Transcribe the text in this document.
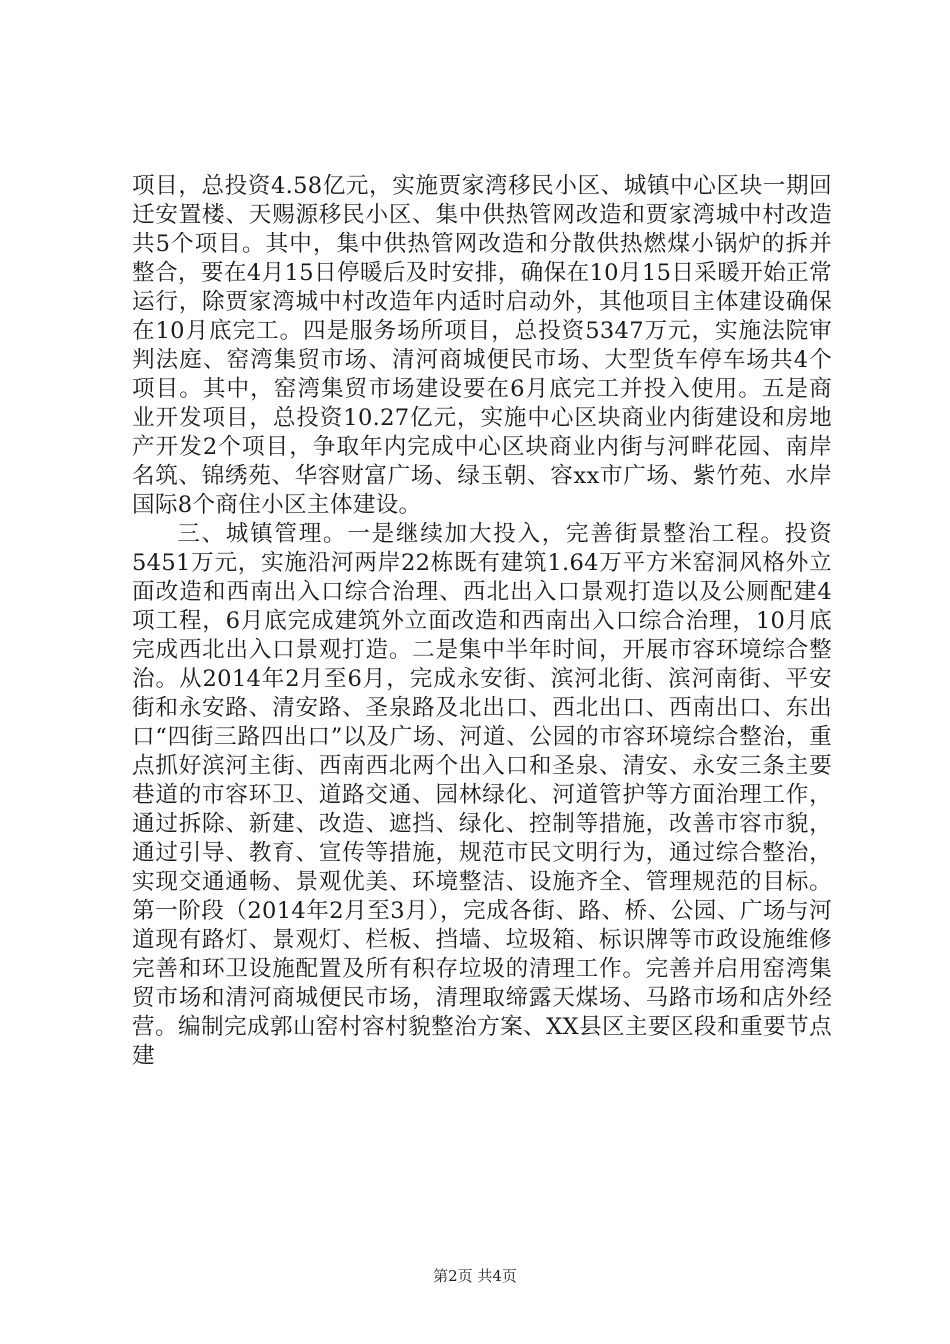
项目，总投资4.58亿元，实施贾家湾移民小区、城镇中心区块一期回迁安置楼、天赐源移民小区、集中供热管网改造和贾家湾城中村改造共5个项目。其中，集中供热管网改造和分散供热燃煤小锅炉的拆并整合，要在4月15日停暖后及时安排，确保在10月15日采暖开始正常运行，除贾家湾城中村改造年内适时启动外，其他项目主体建设确保在10月底完工。四是服务场所项目，总投资5347万元，实施法院审判法庭、窑湾集贸市场、清河商城便民市场、大型货车停车场共4个项目。其中，窑湾集贸市场建设要在6月底完工并投入使用。五是商业开发项目，总投资10.27亿元，实施中心区块商业内街建设和房地产开发2个项目，争取年内完成中心区块商业内街与河畔花园、南岸名筑、锦绣苑、华容财富广场、绿玉朝、容xx市广场、紫竹苑、水岸国际8个商住小区主体建设。

三、城镇管理。一是继续加大投入，完善街景整治工程。投资5451万元，实施沿河两岸22栋既有建筑1.64万平方米窑洞风格外立面改造和西南出入口综合治理、西北出入口景观打造以及公厕配建4项工程，6月底完成建筑外立面改造和西南出入口综合治理，10月底完成西北出入口景观打造。二是集中半年时间，开展市容环境综合整治。从2014年2月至6月，完成永安街、滨河北街、滨河南街、平安街和永安路、清安路、圣泉路及北出口、西北出口、西南出口、东出口“四街三路四出口”以及广场、河道、公园的市容环境综合整治，重点抓好滨河主街、西南西北两个出入口和圣泉、清安、永安三条主要巷道的市容环卫、道路交通、园林绿化、河道管护等方面治理工作，通过拆除、新建、改造、遮挡、绿化、控制等措施，改善市容市貌，通过引导、教育、宣传等措施，规范市民文明行为，通过综合整治，实现交通通畅、景观优美、环境整洁、设施齐全、管理规范的目标。第一阶段（2014年2月至3月），完成各街、路、桥、公园、广场与河道现有路灯、景观灯、栏板、挡墙、垃圾箱、标识牌等市政设施维修完善和环卫设施配置及所有积存垃圾的清理工作。完善并启用窑湾集贸市场和清河商城便民市场，清理取缔露天煤场、马路市场和店外经营。编制完成郭山窑村容村貌整治方案、XX县区主要区段和重要节点建

第2页 共4页
